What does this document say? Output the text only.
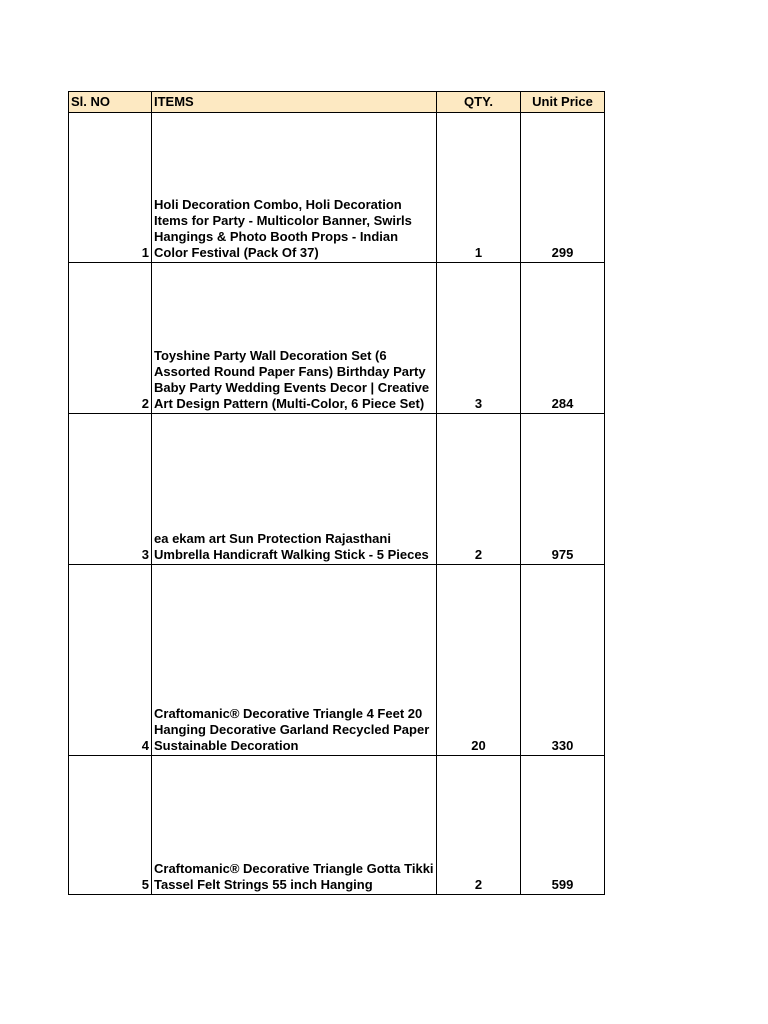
Sl. NO	ITEMS	QTY.	Unit Price
1	Holi Decoration Combo, Holi Decoration Items for Party - Multicolor Banner, Swirls Hangings & Photo Booth Props - Indian Color Festival (Pack Of 37)	1	299
2	Toyshine Party Wall Decoration Set (6 Assorted Round Paper Fans) Birthday Party Baby Party Wedding Events Decor | Creative Art Design Pattern (Multi-Color, 6 Piece Set)	3	284
3	ea ekam art Sun Protection Rajasthani Umbrella Handicraft Walking Stick - 5 Pieces	2	975
4	Craftomanic® Decorative Triangle 4 Feet 20 Hanging Decorative Garland Recycled Paper Sustainable Decoration	20	330
5	Craftomanic® Decorative Triangle Gotta Tikki Tassel Felt Strings 55 inch Hanging	2	599
